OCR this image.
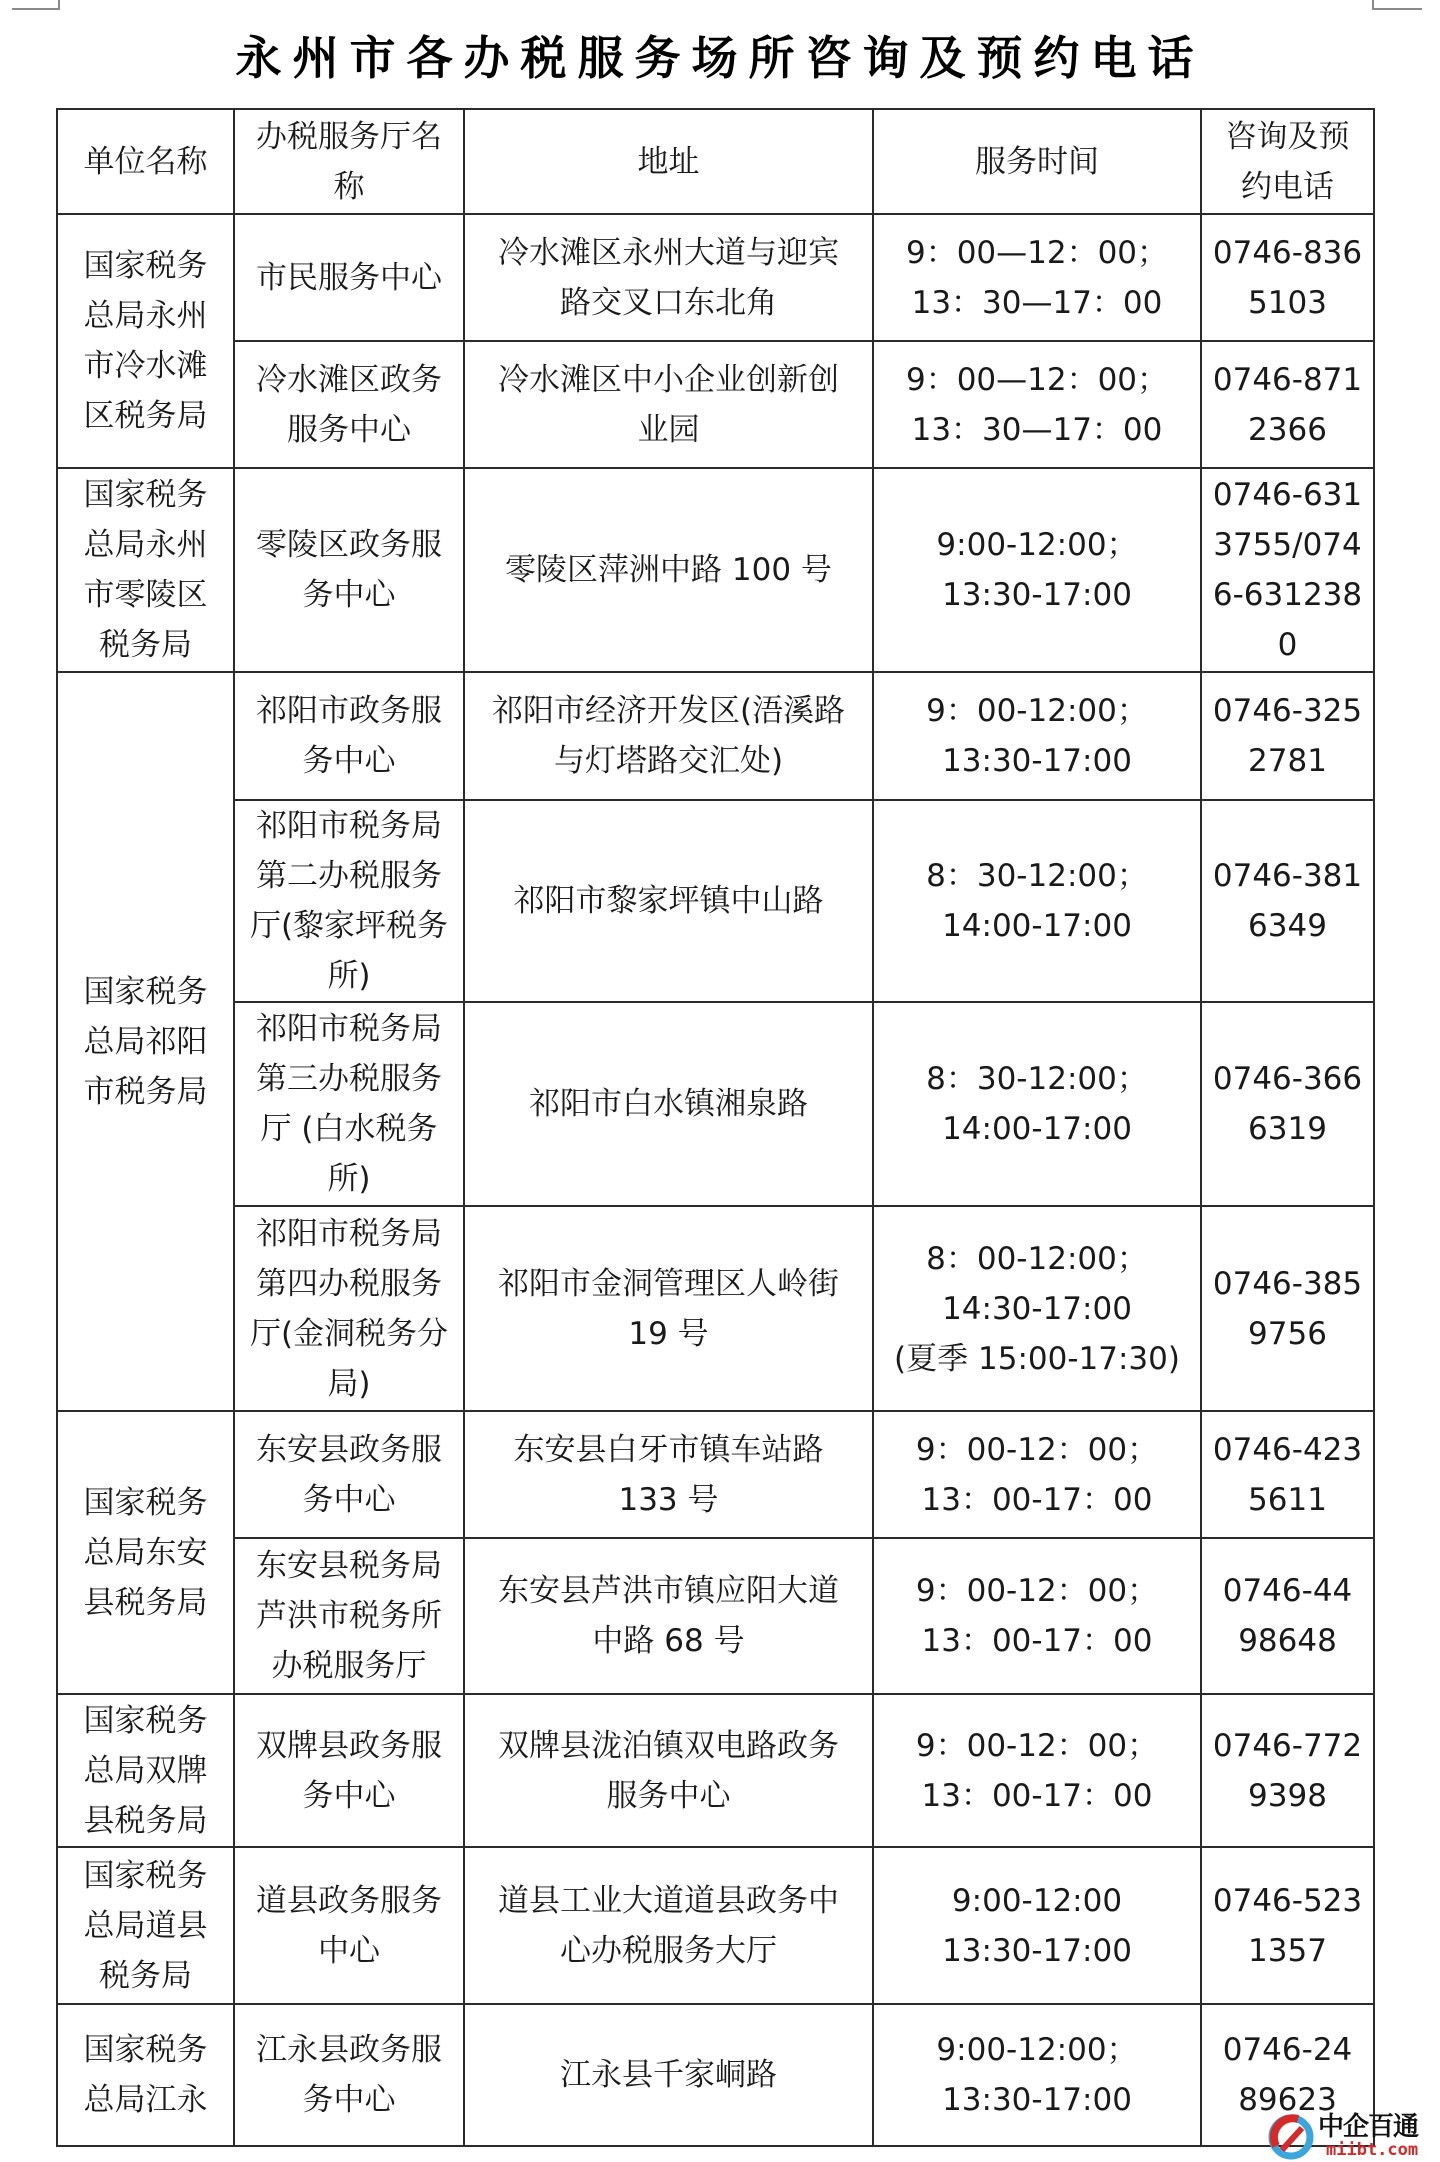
永州市各办税服务场所咨询及预约电话
单位名称	办税服务厅名
称	地址	服务时间	咨询及预
约电话

国家税务
总局永州
市冷水滩
区税务局	市民服务中心	冷水滩区永州大道与迎宾
路交叉口东北角	9：00—12：00；
13：30—17：00	0746-836
5103

	冷水滩区政务
服务中心	冷水滩区中小企业创新创
业园	9：00—12：00；
13：30—17：00	0746-871
2366

国家税务
总局永州
市零陵区
税务局	零陵区政务服
务中心	零陵区萍洲中路 100 号	9:00-12:00；
13:30-17:00	0746-631
3755/074
6-631238
0

国家税务
总局祁阳
市税务局	祁阳市政务服
务中心	祁阳市经济开发区(浯溪路
与灯塔路交汇处)	9：00-12:00；
13:30-17:00	0746-325
2781

	祁阳市税务局
第二办税服务
厅(黎家坪税务
所)	祁阳市黎家坪镇中山路	8：30-12:00；
14:00-17:00	0746-381
6349

	祁阳市税务局
第三办税服务
厅 (白水税务
所)	祁阳市白水镇湘泉路	8：30-12:00；
14:00-17:00	0746-366
6319

	祁阳市税务局
第四办税服务
厅(金洞税务分
局)	祁阳市金洞管理区人岭街
19 号	8：00-12:00；
14:30-17:00
(夏季 15:00-17:30)	0746-385
9756

国家税务
总局东安
县税务局	东安县政务服
务中心	东安县白牙市镇车站路
133 号	9：00-12：00；
13：00-17：00	0746-423
5611

	东安县税务局
芦洪市税务所
办税服务厅	东安县芦洪市镇应阳大道
中路 68 号	9：00-12：00；
13：00-17：00	0746-44
98648

国家税务
总局双牌
县税务局	双牌县政务服
务中心	双牌县泷泊镇双电路政务
服务中心	9：00-12：00；
13：00-17：00	0746-772
9398

国家税务
总局道县
税务局	道县政务服务
中心	道县工业大道道县政务中
心办税服务大厅	9:00-12:00
13:30-17:00	0746-523
1357

国家税务
总局江永	江永县政务服
务中心	江永县千家峒路	9:00-12:00；
13:30-17:00	0746-24
89623
中企百通
miibt.com
